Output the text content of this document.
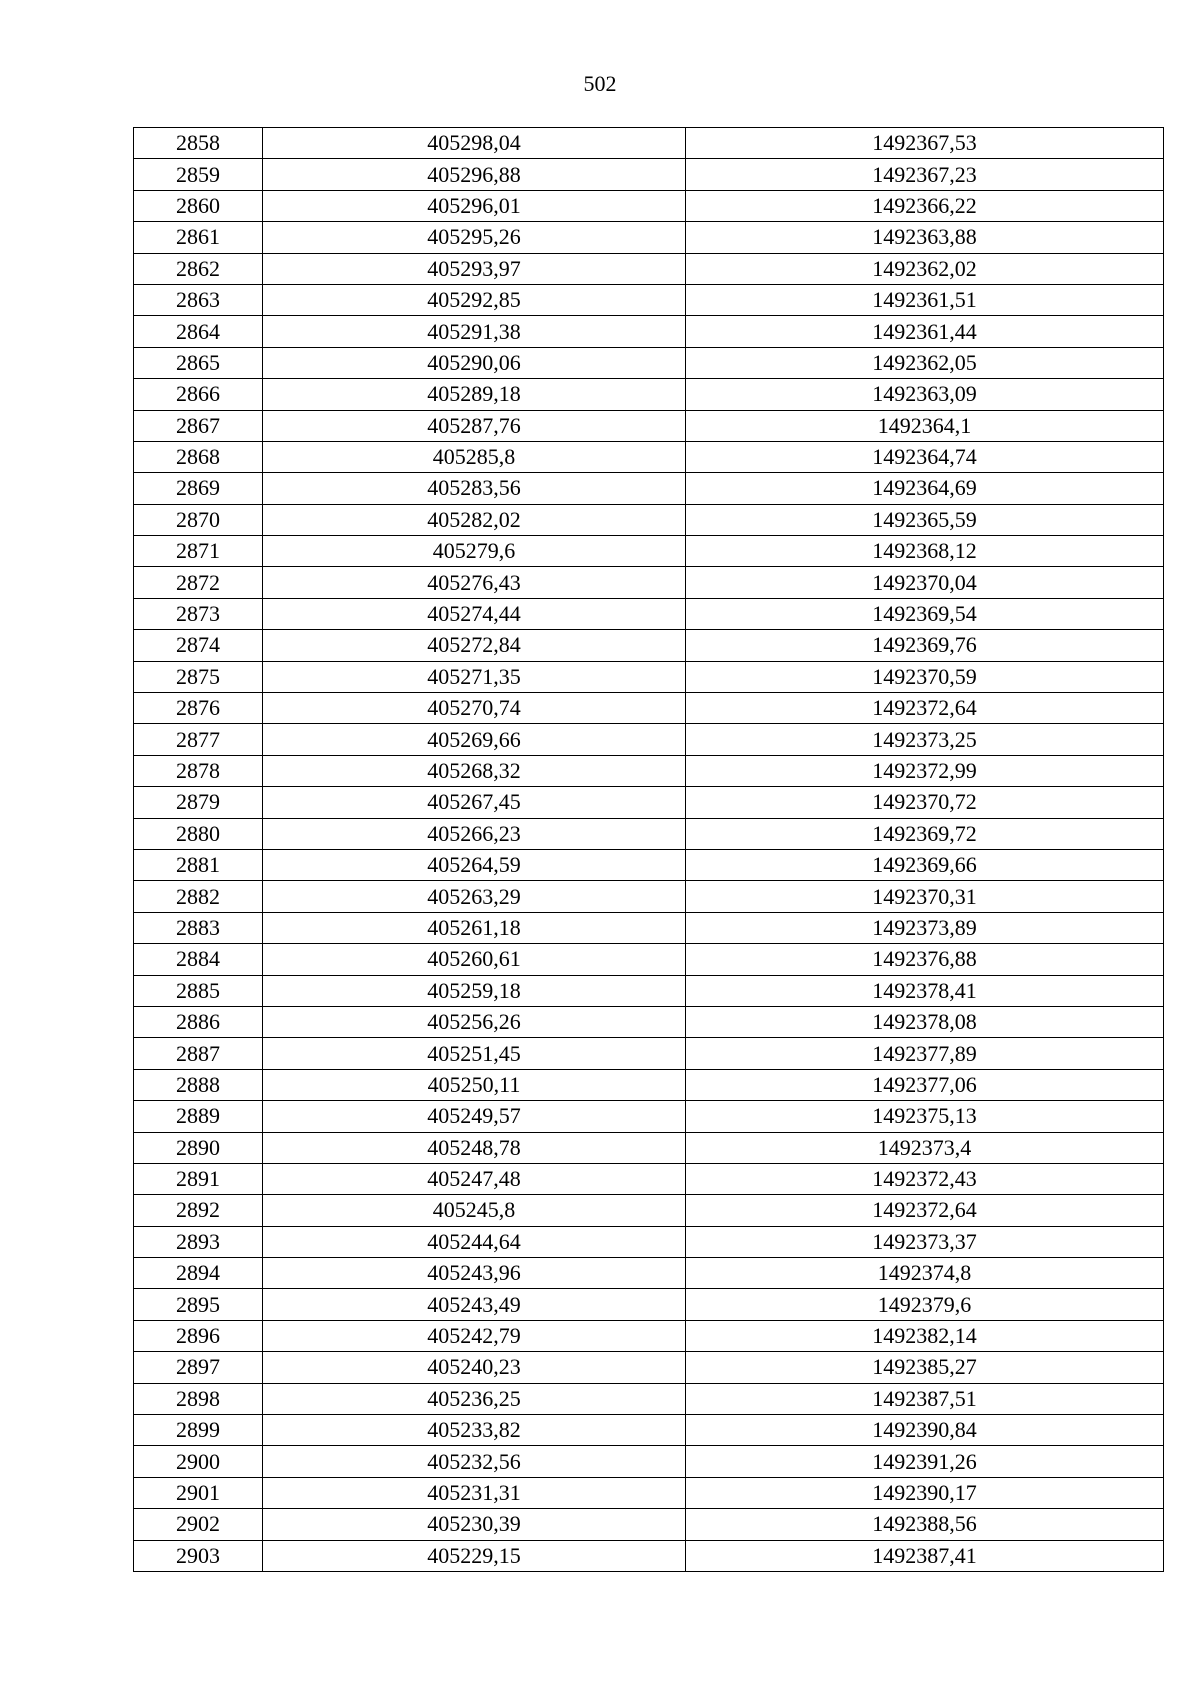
502
2858	405298,04	1492367,53
2859	405296,88	1492367,23
2860	405296,01	1492366,22
2861	405295,26	1492363,88
2862	405293,97	1492362,02
2863	405292,85	1492361,51
2864	405291,38	1492361,44
2865	405290,06	1492362,05
2866	405289,18	1492363,09
2867	405287,76	1492364,1
2868	405285,8	1492364,74
2869	405283,56	1492364,69
2870	405282,02	1492365,59
2871	405279,6	1492368,12
2872	405276,43	1492370,04
2873	405274,44	1492369,54
2874	405272,84	1492369,76
2875	405271,35	1492370,59
2876	405270,74	1492372,64
2877	405269,66	1492373,25
2878	405268,32	1492372,99
2879	405267,45	1492370,72
2880	405266,23	1492369,72
2881	405264,59	1492369,66
2882	405263,29	1492370,31
2883	405261,18	1492373,89
2884	405260,61	1492376,88
2885	405259,18	1492378,41
2886	405256,26	1492378,08
2887	405251,45	1492377,89
2888	405250,11	1492377,06
2889	405249,57	1492375,13
2890	405248,78	1492373,4
2891	405247,48	1492372,43
2892	405245,8	1492372,64
2893	405244,64	1492373,37
2894	405243,96	1492374,8
2895	405243,49	1492379,6
2896	405242,79	1492382,14
2897	405240,23	1492385,27
2898	405236,25	1492387,51
2899	405233,82	1492390,84
2900	405232,56	1492391,26
2901	405231,31	1492390,17
2902	405230,39	1492388,56
2903	405229,15	1492387,41
